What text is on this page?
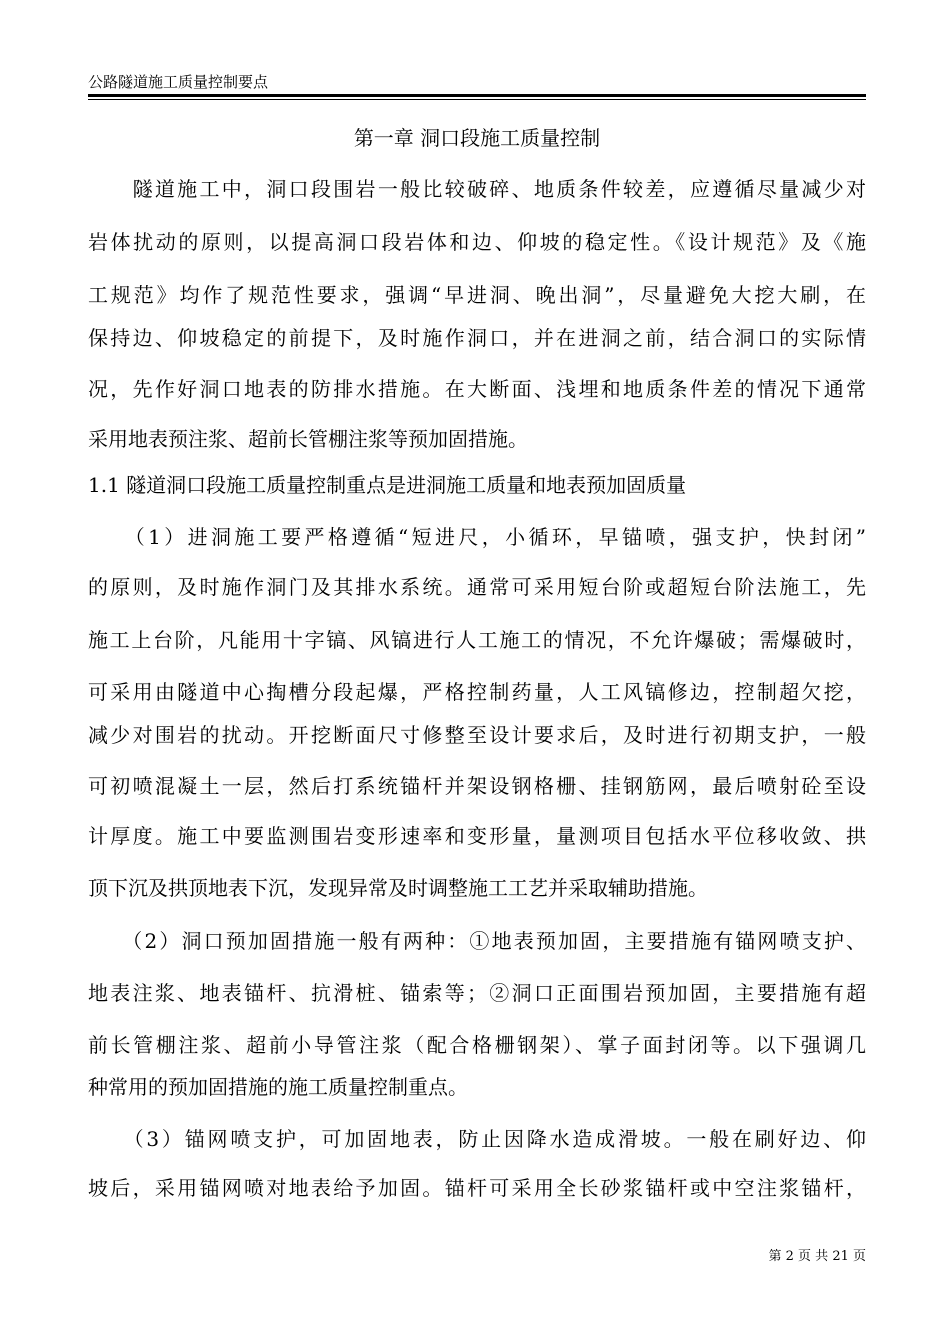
公路隧道施工质量控制要点
第一章 洞口段施工质量控制
　　隧道施工中，洞口段围岩一般比较破碎、地质条件较差，应遵循尽量减少对
岩体扰动的原则，以提高洞口段岩体和边、仰坡的稳定性。《设计规范》及《施
工规范》均作了规范性要求，强调“早进洞、晚出洞”，尽量避免大挖大刷，在
保持边、仰坡稳定的前提下，及时施作洞口，并在进洞之前，结合洞口的实际情
况，先作好洞口地表的防排水措施。在大断面、浅埋和地质条件差的情况下通常
采用地表预注浆、超前长管棚注浆等预加固措施。
1.1 隧道洞口段施工质量控制重点是进洞施工质量和地表预加固质量
　　（1）进洞施工要严格遵循“短进尺，小循环，早锚喷，强支护，快封闭”
的原则，及时施作洞门及其排水系统。通常可采用短台阶或超短台阶法施工，先
施工上台阶，凡能用十字镐、风镐进行人工施工的情况，不允许爆破；需爆破时，
可采用由隧道中心掏槽分段起爆，严格控制药量，人工风镐修边，控制超欠挖，
减少对围岩的扰动。开挖断面尺寸修整至设计要求后，及时进行初期支护，一般
可初喷混凝土一层，然后打系统锚杆并架设钢格栅、挂钢筋网，最后喷射砼至设
计厚度。施工中要监测围岩变形速率和变形量，量测项目包括水平位移收敛、拱
顶下沉及拱顶地表下沉，发现异常及时调整施工工艺并采取辅助措施。
　　（2）洞口预加固措施一般有两种：①地表预加固，主要措施有锚网喷支护、
地表注浆、地表锚杆、抗滑桩、锚索等；②洞口正面围岩预加固，主要措施有超
前长管棚注浆、超前小导管注浆（配合格栅钢架）、掌子面封闭等。以下强调几
种常用的预加固措施的施工质量控制重点。
　　（3）锚网喷支护，可加固地表，防止因降水造成滑坡。一般在刷好边、仰
坡后，采用锚网喷对地表给予加固。锚杆可采用全长砂浆锚杆或中空注浆锚杆，
第 2 页 共 21 页
